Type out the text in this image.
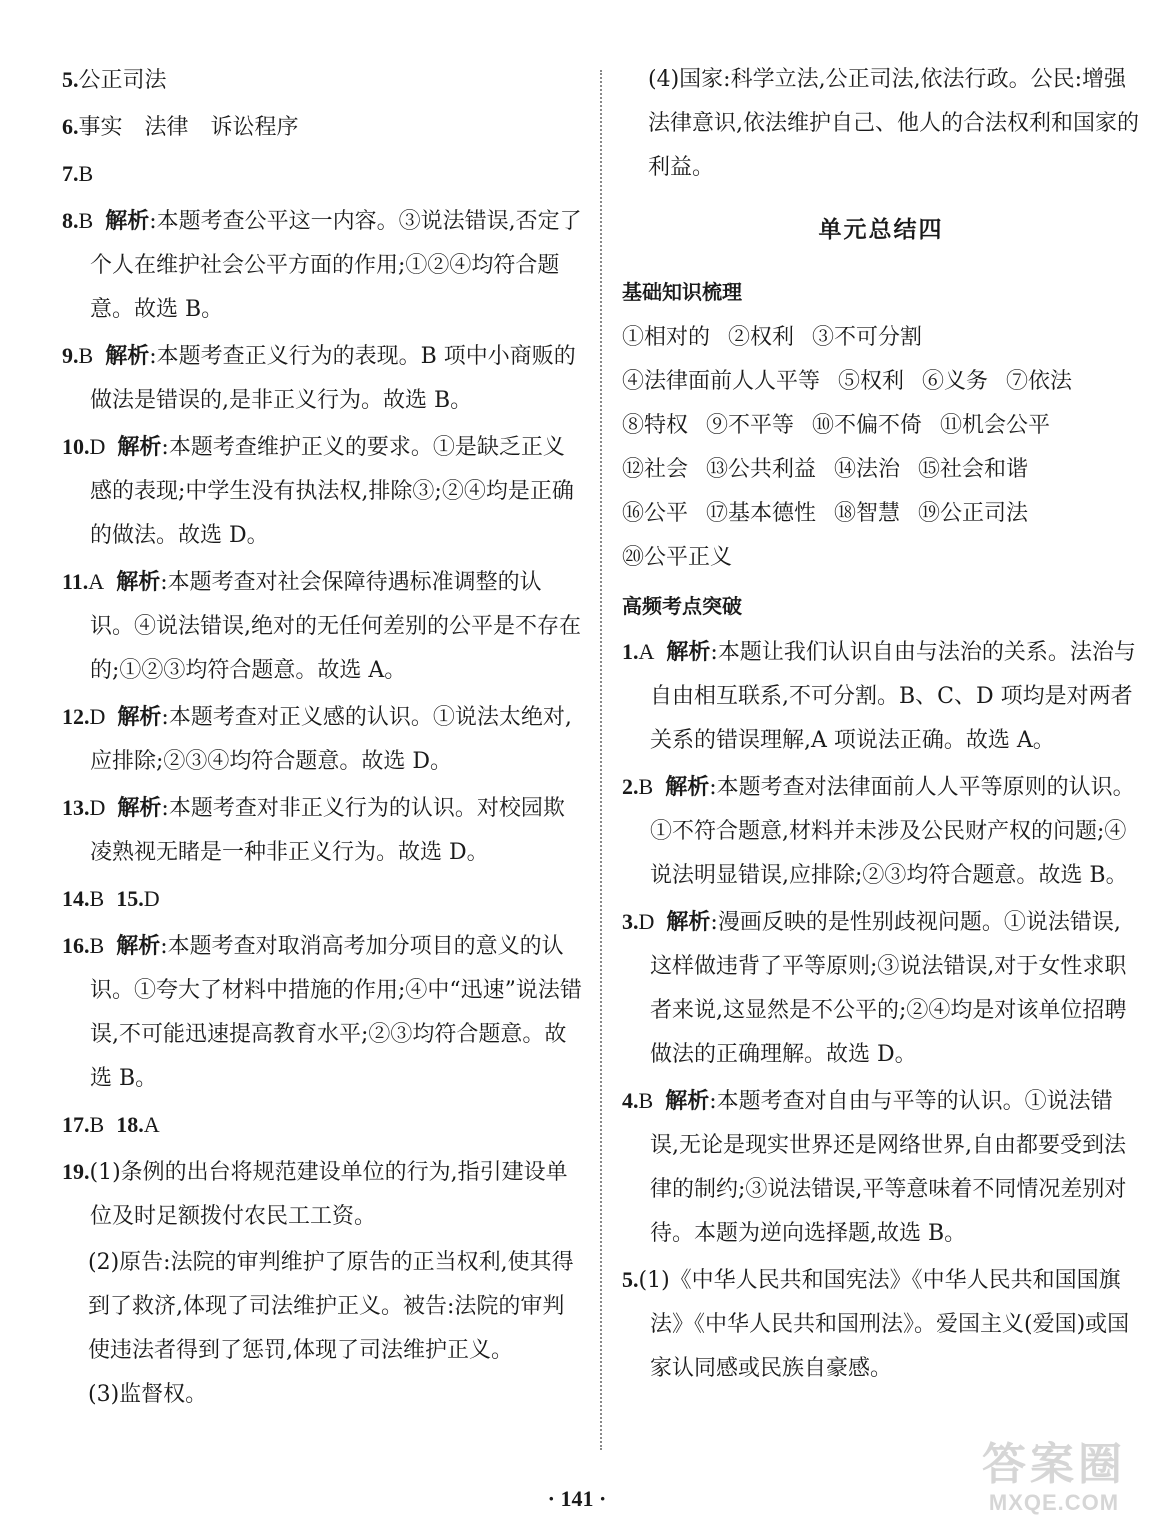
5.公正司法
6.事实　法律　诉讼程序
7.B
8.B 解析:本题考查公平这一内容。③说法错误,否定了个人在维护社会公平方面的作用;①②④均符合题意。故选 B。
9.B 解析:本题考查正义行为的表现。B 项中小商贩的做法是错误的,是非正义行为。故选 B。
10.D 解析:本题考查维护正义的要求。①是缺乏正义感的表现;中学生没有执法权,排除③;②④均是正确的做法。故选 D。
11.A 解析:本题考查对社会保障待遇标准调整的认识。④说法错误,绝对的无任何差别的公平是不存在的;①②③均符合题意。故选 A。
12.D 解析:本题考查对正义感的认识。①说法太绝对,应排除;②③④均符合题意。故选 D。
13.D 解析:本题考查对非正义行为的认识。对校园欺凌熟视无睹是一种非正义行为。故选 D。
14.B 15.D
16.B 解析:本题考查对取消高考加分项目的意义的认识。①夸大了材料中措施的作用;④中“迅速”说法错误,不可能迅速提高教育水平;②③均符合题意。故选 B。
17.B 18.A
19.(1)条例的出台将规范建设单位的行为,指引建设单位及时足额拨付农民工工资。
(2)原告:法院的审判维护了原告的正当权利,使其得到了救济,体现了司法维护正义。被告:法院的审判使违法者得到了惩罚,体现了司法维护正义。
(3)监督权。
(4)国家:科学立法,公正司法,依法行政。公民:增强法律意识,依法维护自己、他人的合法权利和国家的利益。
单元总结四
基础知识梳理
①相对的 ②权利 ③不可分割
④法律面前人人平等 ⑤权利 ⑥义务 ⑦依法
⑧特权 ⑨不平等 ⑩不偏不倚 ⑪机会公平
⑫社会 ⑬公共利益 ⑭法治 ⑮社会和谐
⑯公平 ⑰基本德性 ⑱智慧 ⑲公正司法
⑳公平正义
高频考点突破
1.A 解析:本题让我们认识自由与法治的关系。法治与自由相互联系,不可分割。B、C、D 项均是对两者关系的错误理解,A 项说法正确。故选 A。
2.B 解析:本题考查对法律面前人人平等原则的认识。①不符合题意,材料并未涉及公民财产权的问题;④说法明显错误,应排除;②③均符合题意。故选 B。
3.D 解析:漫画反映的是性别歧视问题。①说法错误,这样做违背了平等原则;③说法错误,对于女性求职者来说,这显然是不公平的;②④均是对该单位招聘做法的正确理解。故选 D。
4.B 解析:本题考查对自由与平等的认识。①说法错误,无论是现实世界还是网络世界,自由都要受到法律的制约;③说法错误,平等意味着不同情况差别对待。本题为逆向选择题,故选 B。
5.(1)《中华人民共和国宪法》《中华人民共和国国旗法》《中华人民共和国刑法》。爱国主义(爱国)或国家认同感或民族自豪感。
· 141 ·
答案圈
MXQE.COM
